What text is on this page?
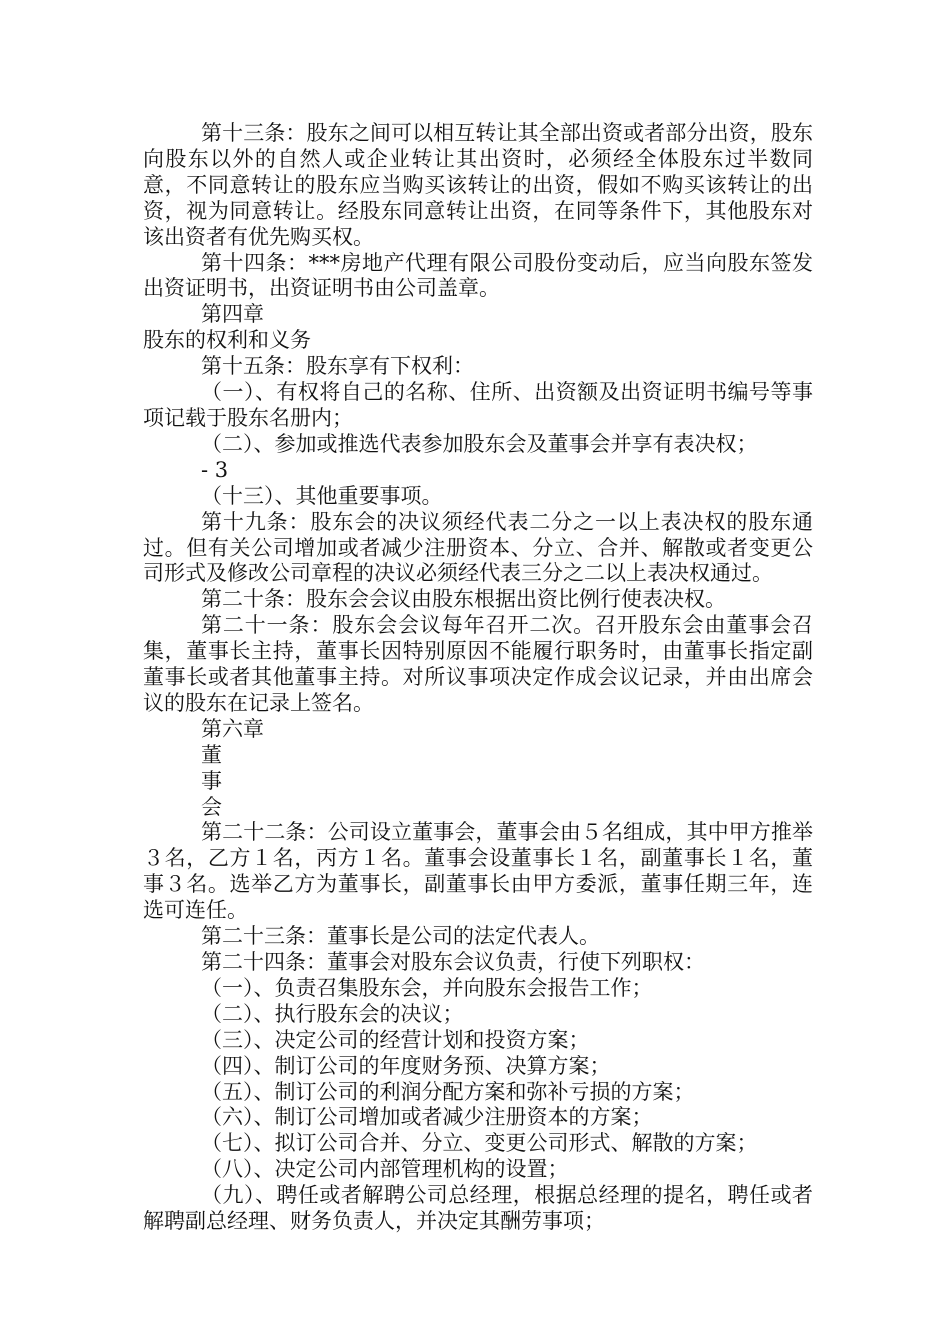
第十三条：股东之间可以相互转让其全部出资或者部分出资，股东向股东以外的自然人或企业转让其出资时，必须经全体股东过半数同意，不同意转让的股东应当购买该转让的出资，假如不购买该转让的出资，视为同意转让。经股东同意转让出资，在同等条件下，其他股东对该出资者有优先购买权。

第十四条：***房地产代理有限公司股份变动后，应当向股东签发出资证明书，出资证明书由公司盖章。

第四章

股东的权利和义务

第十五条：股东享有下权利：

（一）、有权将自己的名称、住所、出资额及出资证明书编号等事项记载于股东名册内；

（二）、参加或推选代表参加股东会及董事会并享有表决权；

- 3

（十三）、其他重要事项。

第十九条：股东会的决议须经代表二分之一以上表决权的股东通过。但有关公司增加或者减少注册资本、分立、合并、解散或者变更公司形式及修改公司章程的决议必须经代表三分之二以上表决权通过。

第二十条：股东会会议由股东根据出资比例行使表决权。

第二十一条：股东会会议每年召开二次。召开股东会由董事会召集，董事长主持，董事长因特别原因不能履行职务时，由董事长指定副董事长或者其他董事主持。对所议事项决定作成会议记录，并由出席会议的股东在记录上签名。

第六章

董

事

会

第二十二条：公司设立董事会，董事会由５名组成，其中甲方推举３名，乙方１名，丙方１名。董事会设董事长１名，副董事长１名，董事３名。选举乙方为董事长，副董事长由甲方委派，董事任期三年，连选可连任。

第二十三条：董事长是公司的法定代表人。

第二十四条：董事会对股东会议负责，行使下列职权：

（一）、负责召集股东会，并向股东会报告工作；

（二）、执行股东会的决议；

（三）、决定公司的经营计划和投资方案；

（四）、制订公司的年度财务预、决算方案；

（五）、制订公司的利润分配方案和弥补亏损的方案；

（六）、制订公司增加或者减少注册资本的方案；

（七）、拟订公司合并、分立、变更公司形式、解散的方案；

（八）、决定公司内部管理机构的设置；

（九）、聘任或者解聘公司总经理，根据总经理的提名，聘任或者解聘副总经理、财务负责人，并决定其酬劳事项；
